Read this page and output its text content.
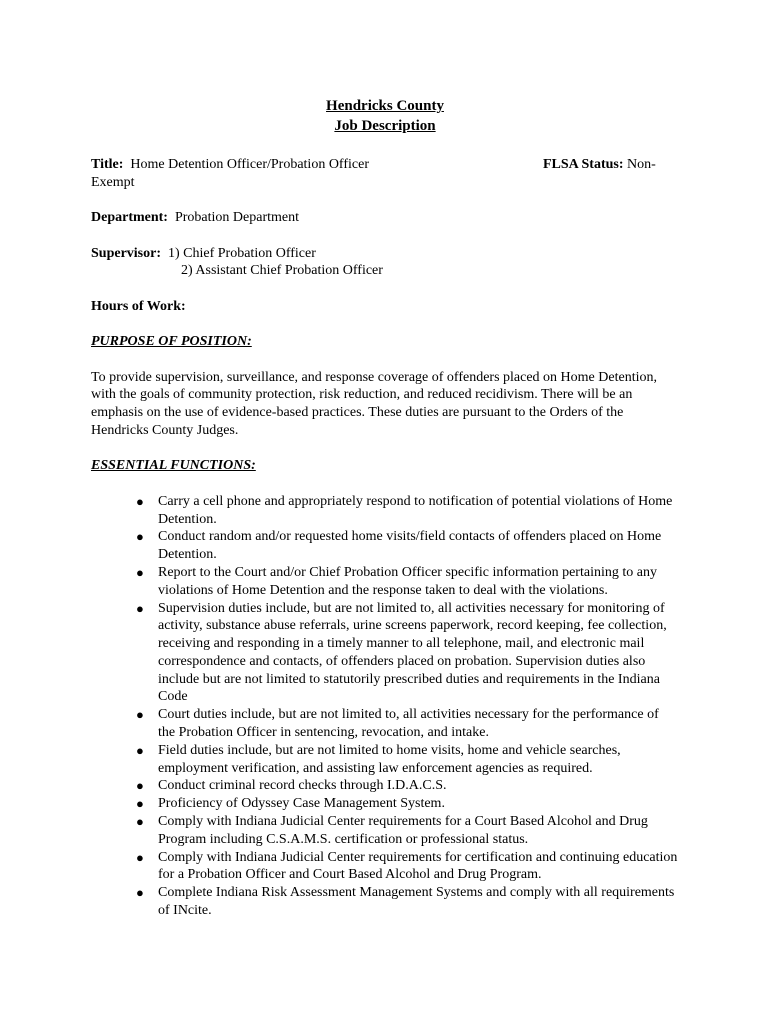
Hendricks County

Job Description

Title: Home Detention Officer/Probation Officer	FLSA Status: Non-

Exempt

Department: Probation Department

Supervisor: 1) Chief Probation Officer

2) Assistant Chief Probation Officer

Hours of Work:

PURPOSE OF POSITION:

To provide supervision, surveillance, and response coverage of offenders placed on Home Detention, with the goals of community protection, risk reduction, and reduced recidivism. There will be an emphasis on the use of evidence-based practices. These duties are pursuant to the Orders of the Hendricks County Judges.

ESSENTIAL FUNCTIONS:

● Carry a cell phone and appropriately respond to notification of potential violations of Home Detention.
● Conduct random and/or requested home visits/field contacts of offenders placed on Home Detention.
● Report to the Court and/or Chief Probation Officer specific information pertaining to any violations of Home Detention and the response taken to deal with the violations.
● Supervision duties include, but are not limited to, all activities necessary for monitoring of activity, substance abuse referrals, urine screens paperwork, record keeping, fee collection, receiving and responding in a timely manner to all telephone, mail, and electronic mail correspondence and contacts, of offenders placed on probation. Supervision duties also include but are not limited to statutorily prescribed duties and requirements in the Indiana Code
● Court duties include, but are not limited to, all activities necessary for the performance of the Probation Officer in sentencing, revocation, and intake.
● Field duties include, but are not limited to home visits, home and vehicle searches, employment verification, and assisting law enforcement agencies as required.
● Conduct criminal record checks through I.D.A.C.S.
● Proficiency of Odyssey Case Management System.
● Comply with Indiana Judicial Center requirements for a Court Based Alcohol and Drug Program including C.S.A.M.S. certification or professional status.
● Comply with Indiana Judicial Center requirements for certification and continuing education for a Probation Officer and Court Based Alcohol and Drug Program.
● Complete Indiana Risk Assessment Management Systems and comply with all requirements of INcite.
